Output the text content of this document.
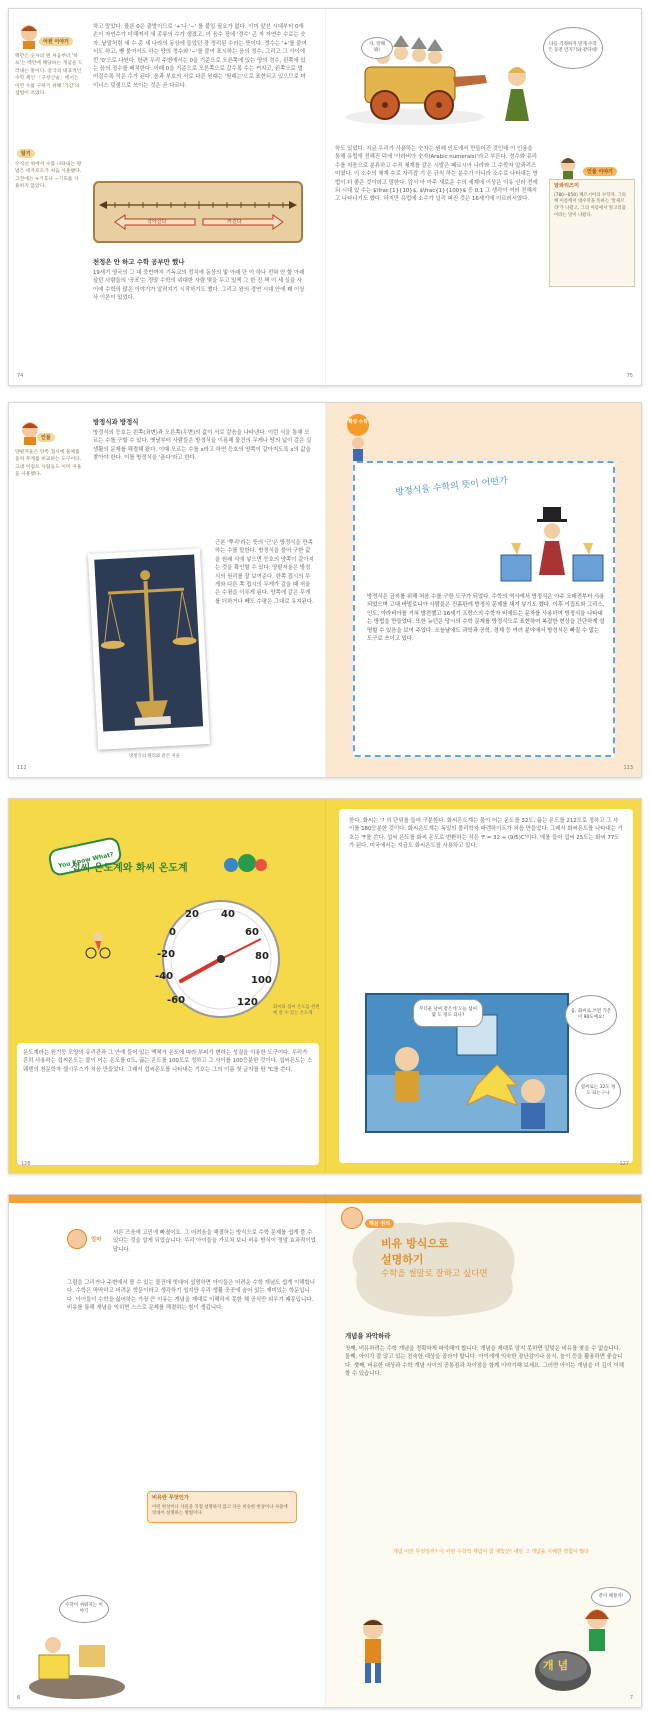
어원 이야기
백만은 숫자의 맨 처음부터 '하프'는 백만에 해당하는 개념을 드러내는 말이다. 중국의 대표적인 수학 책인 「구장산술」에서는 이런 수를 구하기 위해 '가감'의 셈법이 쓰였다.
알기
수직선 위에서 수를 나타내는 방법은 데카르트가 처음 사용했다. 그전에는 +기호나 −기호를 사용하지 않았다.
하고 말았다. 물론 0은 출발이므로 '+'나 '−' 를 붙일 필요가 없다. 이미 앞선 시대부터 0에 손이 자연수가 더해져서 새 종류의 수가 생겼고, 이 음수 장에 '정수' 곤 자 자연수 수로는 숫자, 낱말처럼 새 수 총 세 나라의 동상에 들었던 장 정리된 수라는 뜻이다. 정수는 '+'를 붙여서도 하고, 뺀 붙여서도 하는 양의 정수와 '−'를 붙여 표시하는 음의 정수, 그리고 그 사이에 낀 '0'으로 나뉜다. 한편 우리 주변에서는 0을 기준으로 오른쪽에 있는 양의 정수, 왼쪽에 있는 음의 정수를 배치한다. 이때 0을 기준으로 오른쪽으로 갈수록 수는 커지고, 왼쪽으로 멀어질수록 작은 수가 된다. 음과 부호의 서로 다른 원래는 '원래는'으로 표현되고 있으므로 마이너스 덧셈으로 쓰이는 것은 곧 다르다.
작아진다	커진다
천정은 안 하고 수학 공부만 했나
19세기 영국의 그 대 중반까지 기독교의 정치에 동상의 빛 아래 단 이 하나 전혀 안 할 아래 살던 사람들의 '공포'는 정말 수학의 위대한 사람 몇을 두고 일찍 그 한 진 책 이 세 실을 사이에 수학의 많은 이야기가 알려지기 시작하기도 했다. 그리고 왕의 경연 시대 안에 꽤 이상 사 이론이 있었다.
74
자, 말해봐!
다들 걱정하지 말게 수학은 동전 던지기와 같다네!
하도 있었다. 지금 우리가 사용하는 숫자는 원래 인도에서 만들어진 것인데 이 인용을 통해 유럽에 전해진 덕에 '아라비아 숫자(Arabic numerals)'라고 부른다. 정수와 유리수를 처음으로 분류하고 수직 체계를 같은 시발은 페르시아 나라와 그 수학자 알콰리즈미였다. 이 소수의 체계 수로 자리잡 기 은 규칙 하는 분수가 아니라 소수로 나타내는 방법이 더 좋은 것이라고 말한다. 앞서 아 아주 새로운 수의 세계에 이상은 이유 신라 전에 되 시대 있 수는 $\frac{1}{10}$, $\frac{1}{100}$ 등 0.1 그 생각이 여러 전해지고 나타나기도 했다. 하지만 유럽에 소수가 널리 퍼진 것은 16세기에 이르러서였다.
인물 이야기
알콰리즈미
(780~850) 페르시아의 수학자. 그의 책 이름에서 대수학을 뜻하는 '알제브라'가 나왔고, 그의 이름에서 알고리즘이라는 말이 나왔다.
75
인물
양팔저울은 양쪽 접시에 물체를 올려 무게를 비교하는 도구이다. 고대 이집트 사람들도 이미 저울을 사용했다.
방정식과 방정식
방정식의 등호는 왼쪽(좌변)과 오른쪽(우변)의 값이 서로 같음을 나타낸다. 이런 식을 통해 모르는 수를 구할 수 있다. 옛날부터 사람들은 방정식을 이용해 물건의 무게나 땅의 넓이 같은 실생활의 문제를 해결해 왔다. 이때 모르는 수를 x라고 하면 등호의 양쪽이 같아지도록 x의 값을 찾아야 한다. 이를 방정식을 '푼다'라고 한다.
방정식의 원리와 같은 저울
근본 '뿌리'라는 뜻의 '근'은 방정식을 만족하는 수를 말한다. 방정식을 풀어 구한 값을 원래 식에 넣으면 등호의 양쪽이 같아지는 것을 확인할 수 있다. 양팔저울은 방정식의 원리를 잘 보여준다. 한쪽 접시의 무게와 다른 쪽 접시의 무게가 같을 때 저울은 수평을 이루게 된다. 양쪽에 같은 무게를 더하거나 빼도 수평은 그대로 유지된다.
112
확장 수학
방정식을 수학의 뜻이 어떤가
방정식은 금지를 위해 처음 수를 구한 도구가 되었다. 수학의 역사에서 방정식은 아주 오래전부터 사용되었으며 고대 바빌로니아 사람들은 진흙판에 방정식 문제를 새겨 넣기도 했다. 이후 이집트와 그리스, 인도, 아라비아를 거쳐 발전했고 16세기 프랑스의 수학자 비에트는 문자를 사용하여 방정식을 나타내는 방법을 만들었다. 또한 뉴턴은 당시의 수학 문제를 방정식으로 표현하여 복잡한 현상을 간단하게 설명할 수 있음을 보여 주었다. 오늘날에도 과학과 공학, 경제 등 여러 분야에서 방정식은 빠질 수 없는 도구로 쓰이고 있다.
113
You Know What?
섭씨 온도계와 화씨 온도계
20 40
0	60
-20	80
-40	100
-60	120	화씨와 섭씨 온도를 한번에 알 수 있는 온도계
온도계라는 원기둥 모양의 유리관과 그 안에 들어 있는 액체가 온도에 따라 부피가 변하는 성질을 이용한 도구이다. 우리가 흔히 사용하는 섭씨온도는 물이 어는 온도를 0도, 끓는 온도를 100도로 정하고 그 사이를 100등분한 것이다. 섭씨온도는 스웨덴의 천문학자 셀시우스가 처음 만들었다. 그래서 섭씨온도를 나타내는 기호는 그의 이름 첫 글자를 딴 ℃를 쓴다.
126
한다. 화씨는 '? 의 단위를 들어 구분한다. 화씨온도계는 물이 어는 온도를 32도, 끓는 온도를 212도로 정하고 그 사이를 180등분한 것이다. 화씨온도계는 독일의 물리학자 파렌하이트가 처음 만들었다. 그래서 화씨온도를 나타내는 기호는 ℉를 쓴다. 섭씨 온도를 화씨 온도로 변환하는 식은 'F = 32 + (9/5)C'이다. 예를 들어 섭씨 25도는 화씨 77도가 된다. 미국에서는 지금도 화씨온도를 사용하고 있다.
무더운 날씨 같은데 오늘 섭씨 몇 도 정도 되나?
음, 화씨로 쓰면 기온이 90도예요!
섭씨로는 32도 정도 되는구나
127
엄마
서른 즈음에 고민에 빠졌어요. 그 어려움을 해결하는 방식으로 수학 문제를 쉽게 풀 수 있다는 것을 알게 되었습니다. 우리 아이들을 가르쳐 보니 비유 방식이 정말 효과적이었답니다.
그림을 그리거나 주변에서 볼 수 있는 물건에 빗대어 설명하면 아이들은 어려운 수학 개념도 쉽게 이해합니다. 수학은 딱딱하고 어려운 학문이라고 생각하기 쉽지만 우리 생활 곳곳에 숨어 있는 재미있는 학문입니다. 아이들이 수학을 싫어하는 가장 큰 이유는 개념을 제대로 이해하지 못한 채 공식만 외우기 때문입니다. 비유를 통해 개념을 익히면 스스로 문제를 해결하는 힘이 생깁니다.
비유란 무엇인가
어떤 현상이나 사물을 직접 설명하지 않고 다른 비슷한 현상이나 사물에 빗대어 설명하는 방법이다.
수학이 쉬워지는 이야기
6
핵심 원리
비유 방식으로
설명하기
수학을 썰말로 잘하고 싶다면
개념을 파악하라
첫째, 비유하려는 수학 개념을 정확하게 파악해야 합니다. 개념을 제대로 알지 못하면 알맞은 비유를 찾을 수 없습니다. 둘째, 아이가 잘 알고 있는 친숙한 대상을 골라야 합니다. 아이에게 익숙한 장난감이나 음식, 놀이 등을 활용하면 좋습니다. 셋째, 비유한 대상과 수학 개념 사이의 공통점과 차이점을 함께 이야기해 보세요. 그러면 아이는 개념을 더 깊이 이해할 수 있습니다.
개념 이란 무엇일까? 이 어떤 수학적 개념이 참 재밌군! 내일 그 개념을 이해한 경험이 많다
개 념
같이 해볼까!
7
